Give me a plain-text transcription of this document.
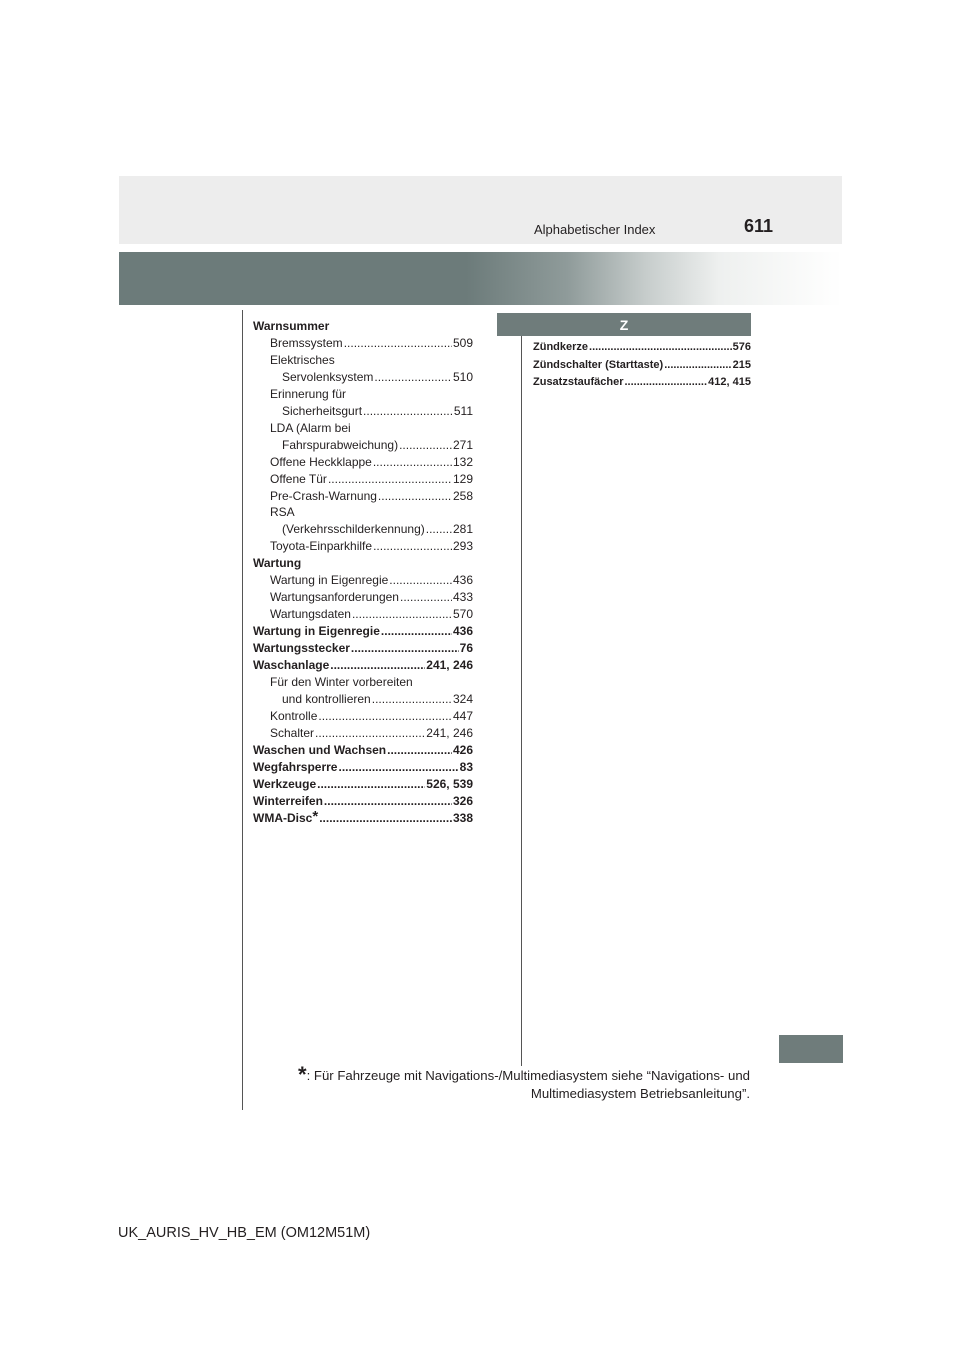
Alphabetischer Index	611
Warnsummer
Bremssystem .....	509
Elektrisches
Servolenksystem .....	510
Erinnerung für
Sicherheitsgurt .....	511
LDA (Alarm bei
Fahrspurabweichung) .....	271
Offene Heckklappe .....	132
Offene Tür .....	129
Pre-Crash-Warnung .....	258
RSA
(Verkehrsschilderkennung) ..... 281
Toyota-Einparkhilfe .....	293
Wartung
Wartung in Eigenregie .....	436
Wartungsanforderungen .....	433
Wartungsdaten .....	570
Wartung in Eigenregie .....	436
Wartungsstecker .....	76
Waschanlage .....	241, 246
Für den Winter vorbereiten
und kontrollieren .....	324
Kontrolle .....	447
Schalter .....	241, 246
Waschen und Wachsen .....	426
Wegfahrsperre .....	83
Werkzeuge .....	526, 539
Winterreifen .....	326
WMA-Disc* .....	338
Z
Zündkerze .....	576
Zündschalter (Starttaste) .....	215
Zusatzstaufächer .....	412, 415
*: Für Fahrzeuge mit Navigations-/Multimediasystem siehe “Navigations- und
Multimediasystem Betriebsanleitung”.
UK_AURIS_HV_HB_EM (OM12M51M)
